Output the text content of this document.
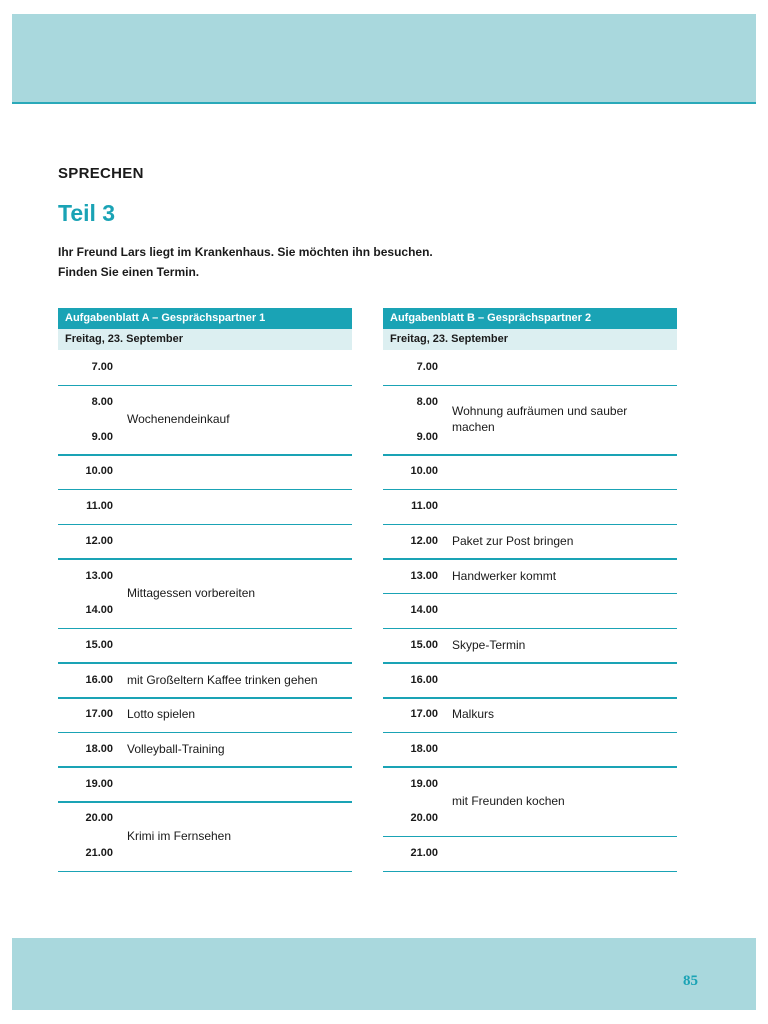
85
SPRECHEN
Teil 3
Ihr Freund Lars liegt im Krankenhaus. Sie möchten ihn besuchen.
Finden Sie einen Termin.
Aufgabenblatt A – Gesprächspartner 1
Freitag, 23. September
7.00
8.00
9.00
10.00
11.00
12.00
13.00
14.00
15.00
16.00
17.00
18.00
19.00
20.00
21.00
Wochenendeinkauf
Mittagessen vorbereiten
mit Großeltern Kaffee trinken gehen
Lotto spielen
Volleyball-Training
Krimi im Fernsehen
Aufgabenblatt B – Gesprächspartner 2
Freitag, 23. September
7.00
8.00
9.00
10.00
11.00
12.00
13.00
14.00
15.00
16.00
17.00
18.00
19.00
20.00
21.00
Wohnung aufräumen und sauber machen
Paket zur Post bringen
Handwerker kommt
Skype-Termin
Malkurs
mit Freunden kochen
